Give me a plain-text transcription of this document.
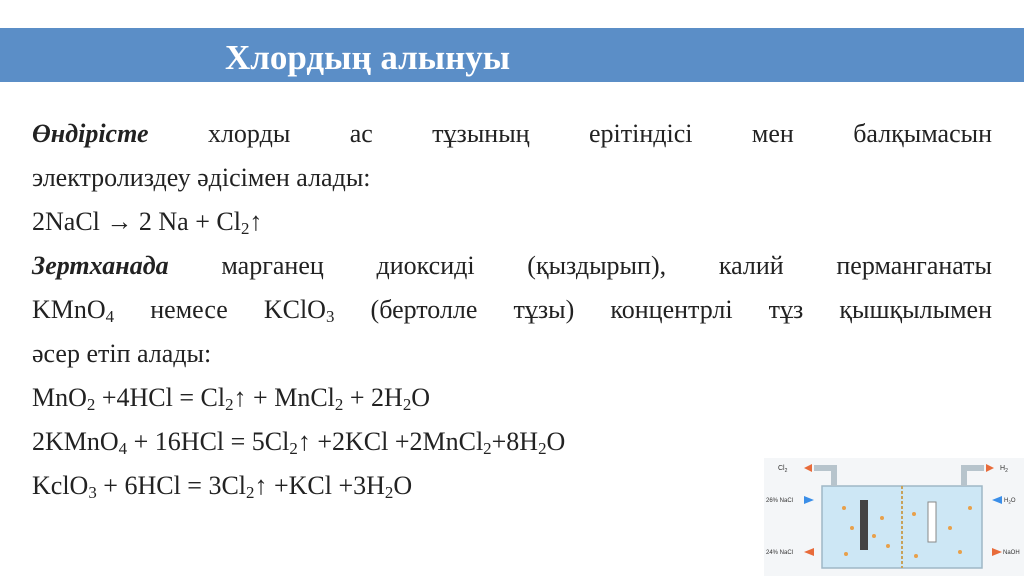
Хлордың алынуы

Өндірісте хлорды ас тұзының ерітіндісі мен балқымасын

электролиздеу әдісімен алады:

2NaCl → 2 $Na + Cl_2↑$

Зертханада марганец диоксиді (қыздырып), калий перманганаты

KMnO$_4$ немесе KClO$_3$ (бертолле тұзы) концентрлі тұз қышқылымен

әсер етіп алады:

$MnO_2 +4HCl = Cl_2↑$ + MnCl$_2$ + $2H_2O$

2KMnO$_4$ + $16HCl = 5Cl_2↑ +2KCl$ $+2MnCl_2+8H_2O$

KclO$_3$ + $6HCl = 3Cl_2↑ +KCl +3H_2O$

$Cl_2$	$H_2$
26% NaCl
24% NaCl
$H_2O$
NaOH
